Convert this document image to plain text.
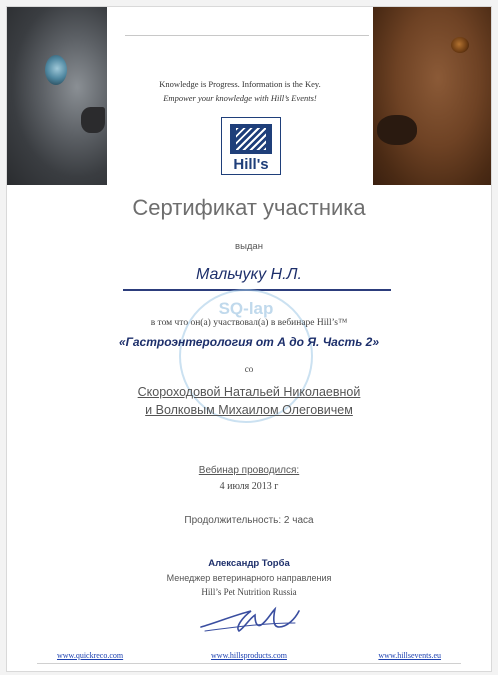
Knowledge is Progress. Information is the Key.
Empower your knowledge with Hill’s Events!
Hill's
Сертификат участника
выдан
Мальчуку Н.Л.
SQ-lap
в том что он(а) участвовал(а) в вебинаре Hill’s™
«Гастроэнтерология от А до Я. Часть 2»
со
Скороходовой Натальей Николаевной
и Волковым Михаилом Олеговичем
Вебинар проводился:
4 июля 2013 г
Продолжительность: 2 часа
Александр Торба
Менеджер ветеринарного направления
Hill’s Pet Nutrition Russia
www.quickreco.com	www.hillsproducts.com	www.hillsevents.eu
